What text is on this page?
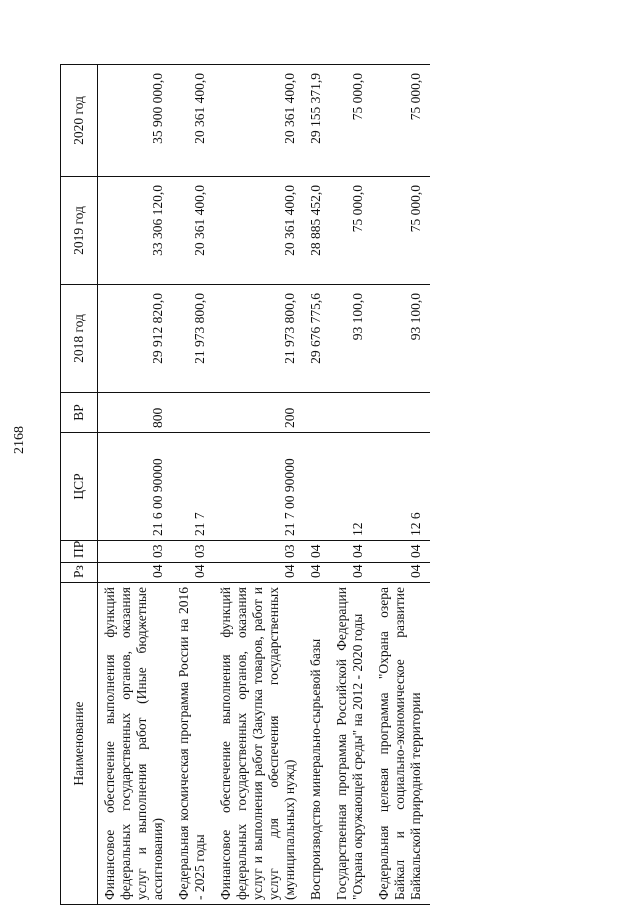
2168
Наименование	Рз	ПР	ЦСР	ВР	2018 год	2019 год	2020 год
Финансовое обеспечение выполнения функций федеральных государственных органов, оказания услуг и выполнения работ (Иные бюджетные ассигнования)	04	03	21 6 00 90000	800	29 912 820,0	33 306 120,0	35 900 000,0
Федеральная космическая программа России на 2016 - 2025 годы	04	03	21 7		21 973 800,0	20 361 400,0	20 361 400,0
Финансовое обеспечение выполнения функций федеральных государственных органов, оказания услуг и выполнения работ (Закупка товаров, работ и услуг для обеспечения государственных (муниципальных) нужд)	04	03	21 7 00 90000	200	21 973 800,0	20 361 400,0	20 361 400,0
Воспроизводство минерально-сырьевой базы	04	04			29 676 775,6	28 885 452,0	29 155 371,9
Государственная программа Российской Федерации "Охрана окружающей среды" на 2012 - 2020 годы	04	04	12		93 100,0	75 000,0	75 000,0
Федеральная целевая программа "Охрана озера Байкал и социально-экономическое развитие Байкальской природной территории	04	04	12 6		93 100,0	75 000,0	75 000,0
